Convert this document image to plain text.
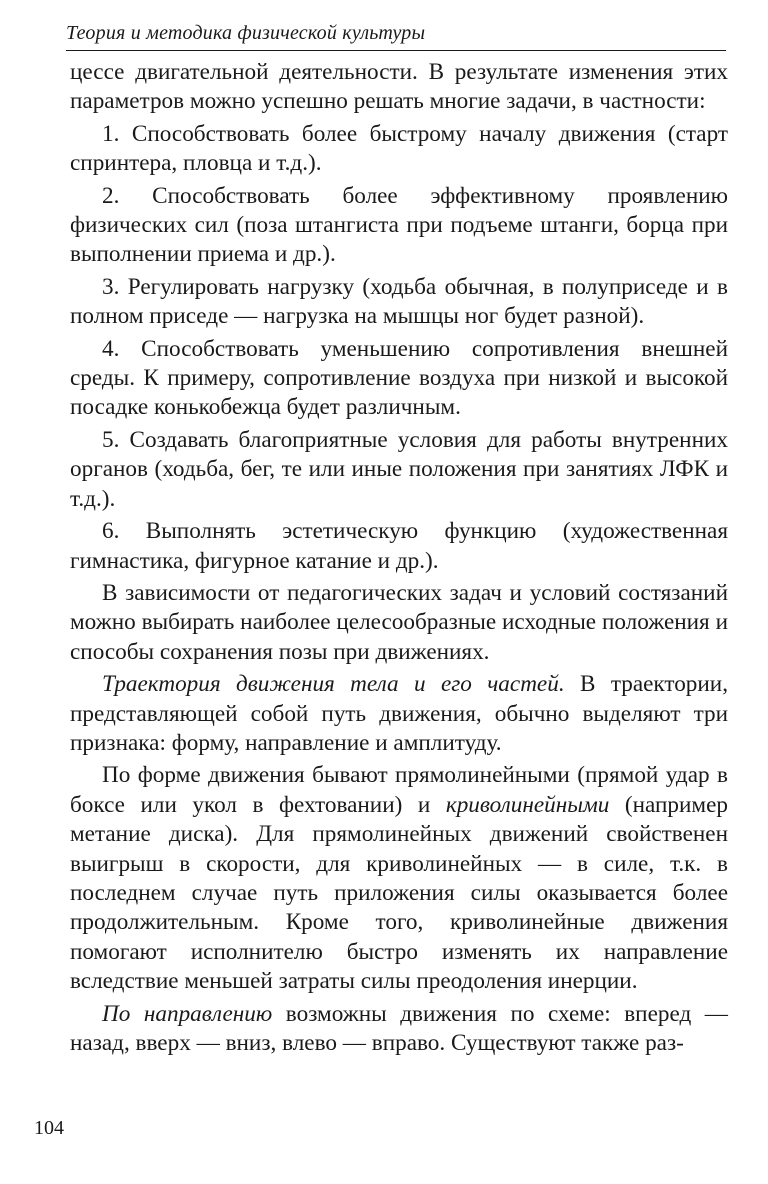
Теория и методика физической культуры

цессе двигательной деятельности. В результате изменения этих параметров можно успешно решать многие задачи, в частности:

1. Способствовать более быстрому началу движения (старт спринтера, пловца и т.д.).

2. Способствовать более эффективному проявлению физических сил (поза штангиста при подъеме штанги, борца при выполнении приема и др.).

3. Регулировать нагрузку (ходьба обычная, в полуприседе и в полном приседе — нагрузка на мышцы ног будет разной).

4. Способствовать уменьшению сопротивления внешней среды. К примеру, сопротивление воздуха при низкой и высокой посадке конькобежца будет различным.

5. Создавать благоприятные условия для работы внутренних органов (ходьба, бег, те или иные положения при занятиях ЛФК и т.д.).

6. Выполнять эстетическую функцию (художественная гимнастика, фигурное катание и др.).

В зависимости от педагогических задач и условий состязаний можно выбирать наиболее целесообразные исходные положения и способы сохранения позы при движениях.

Траектория движения тела и его частей. В траектории, представляющей собой путь движения, обычно выделяют три признака: форму, направление и амплитуду.

По форме движения бывают прямолинейными (прямой удар в боксе или укол в фехтовании) и криволинейными (например метание диска). Для прямолинейных движений свойственен выигрыш в скорости, для криволинейных — в силе, т.к. в последнем случае путь приложения силы оказывается более продолжительным. Кроме того, криволинейные движения помогают исполнителю быстро изменять их направление вследствие меньшей затраты силы преодоления инерции.

По направлению возможны движения по схеме: вперед — назад, вверх — вниз, влево — вправо. Существуют также раз-

104
